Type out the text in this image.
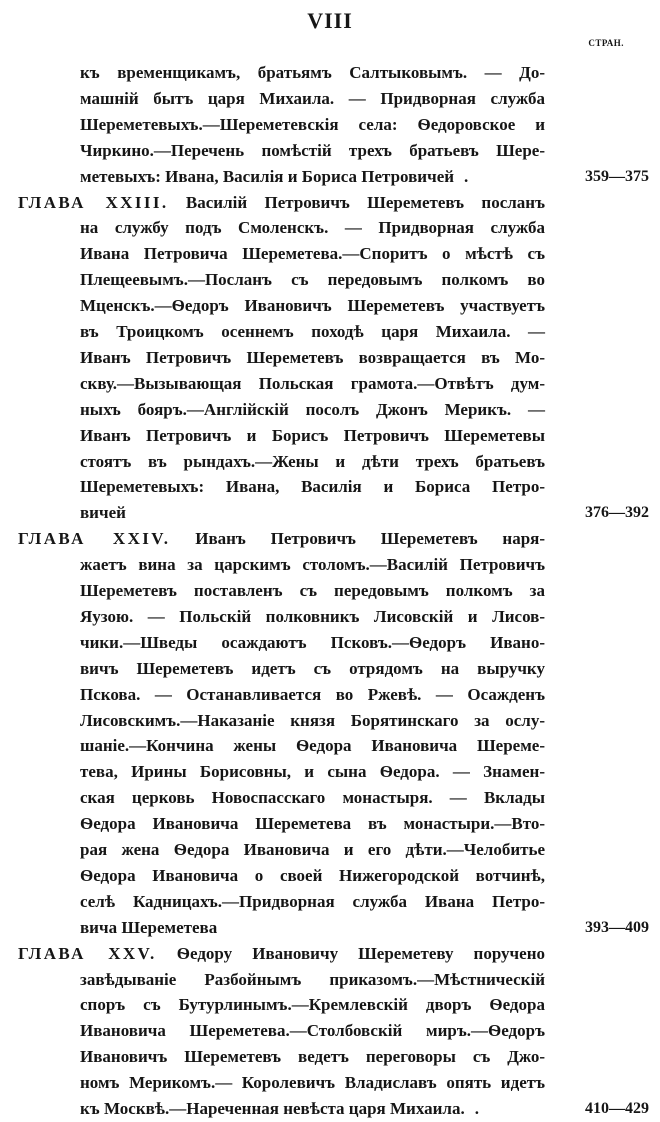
VIII
СТРАН.
къ временщикамъ, братьямъ Салтыковымъ. — До-
машній бытъ царя Михаила. — Придворная служба
Шереметевыхъ.—Шереметевскія села: Ѳедоровское и
Чиркино.—Перечень помѣстій трехъ братьевъ Шере-
359—375
метевыхъ: Ивана, Василія и Бориса Петровичей .
ГЛАВА XXIII. Василій Петровичъ Шереметевъ посланъ
на службу подъ Смоленскъ. — Придворная служба
Ивана Петровича Шереметева.—Споритъ о мѣстѣ съ
Плещеевымъ.—Посланъ съ передовымъ полкомъ во
Мценскъ.—Ѳедоръ Ивановичъ Шереметевъ участвуетъ
въ Троицкомъ осеннемъ походѣ царя Михаила. —
Иванъ Петровичъ Шереметевъ возвращается въ Мо-
скву.—Вызывающая Польская грамота.—Отвѣтъ дум-
ныхъ бояръ.—Англійскій посолъ Джонъ Мерикъ. —
Иванъ Петровичъ и Борисъ Петровичъ Шереметевы
стоятъ въ рындахъ.—Жены и дѣти трехъ братьевъ
Шереметевыхъ: Ивана, Василія и Бориса Петро-
376—392
вичей
ГЛАВА XXIV. Иванъ Петровичъ Шереметевъ наря-
жаетъ вина за царскимъ столомъ.—Василій Петровичъ
Шереметевъ поставленъ съ передовымъ полкомъ за
Яузою. — Польскій полковникъ Лисовскій и Лисов-
чики.—Шведы осаждаютъ Псковъ.—Ѳедоръ Ивано-
вичъ Шереметевъ идетъ съ отрядомъ на выручку
Пскова. — Останавливается во Ржевѣ. — Осажденъ
Лисовскимъ.—Наказаніе князя Борятинскаго за ослу-
шаніе.—Кончина жены Ѳедора Ивановича Шереме-
тева, Ирины Борисовны, и сына Ѳедора. — Знамен-
ская церковь Новоспасскаго монастыря. — Вклады
Ѳедора Ивановича Шереметева въ монастыри.—Вто-
рая жена Ѳедора Ивановича и его дѣти.—Челобитье
Ѳедора Ивановича о своей Нижегородской вотчинѣ,
селѣ Кадницахъ.—Придворная служба Ивана Петро-
393—409
вича Шереметева
ГЛАВА XXV. Ѳедору Ивановичу Шереметеву поручено
завѣдываніе Разбойнымъ приказомъ.—Мѣстническій
споръ съ Бутурлинымъ.—Кремлевскій дворъ Ѳедора
Ивановича Шереметева.—Столбовскій миръ.—Ѳедоръ
Ивановичъ Шереметевъ ведетъ переговоры съ Джо-
номъ Мерикомъ.— Королевичъ Владиславъ опять идетъ
410—429
къ Москвѣ.—Нареченная невѣста царя Михаила. .
